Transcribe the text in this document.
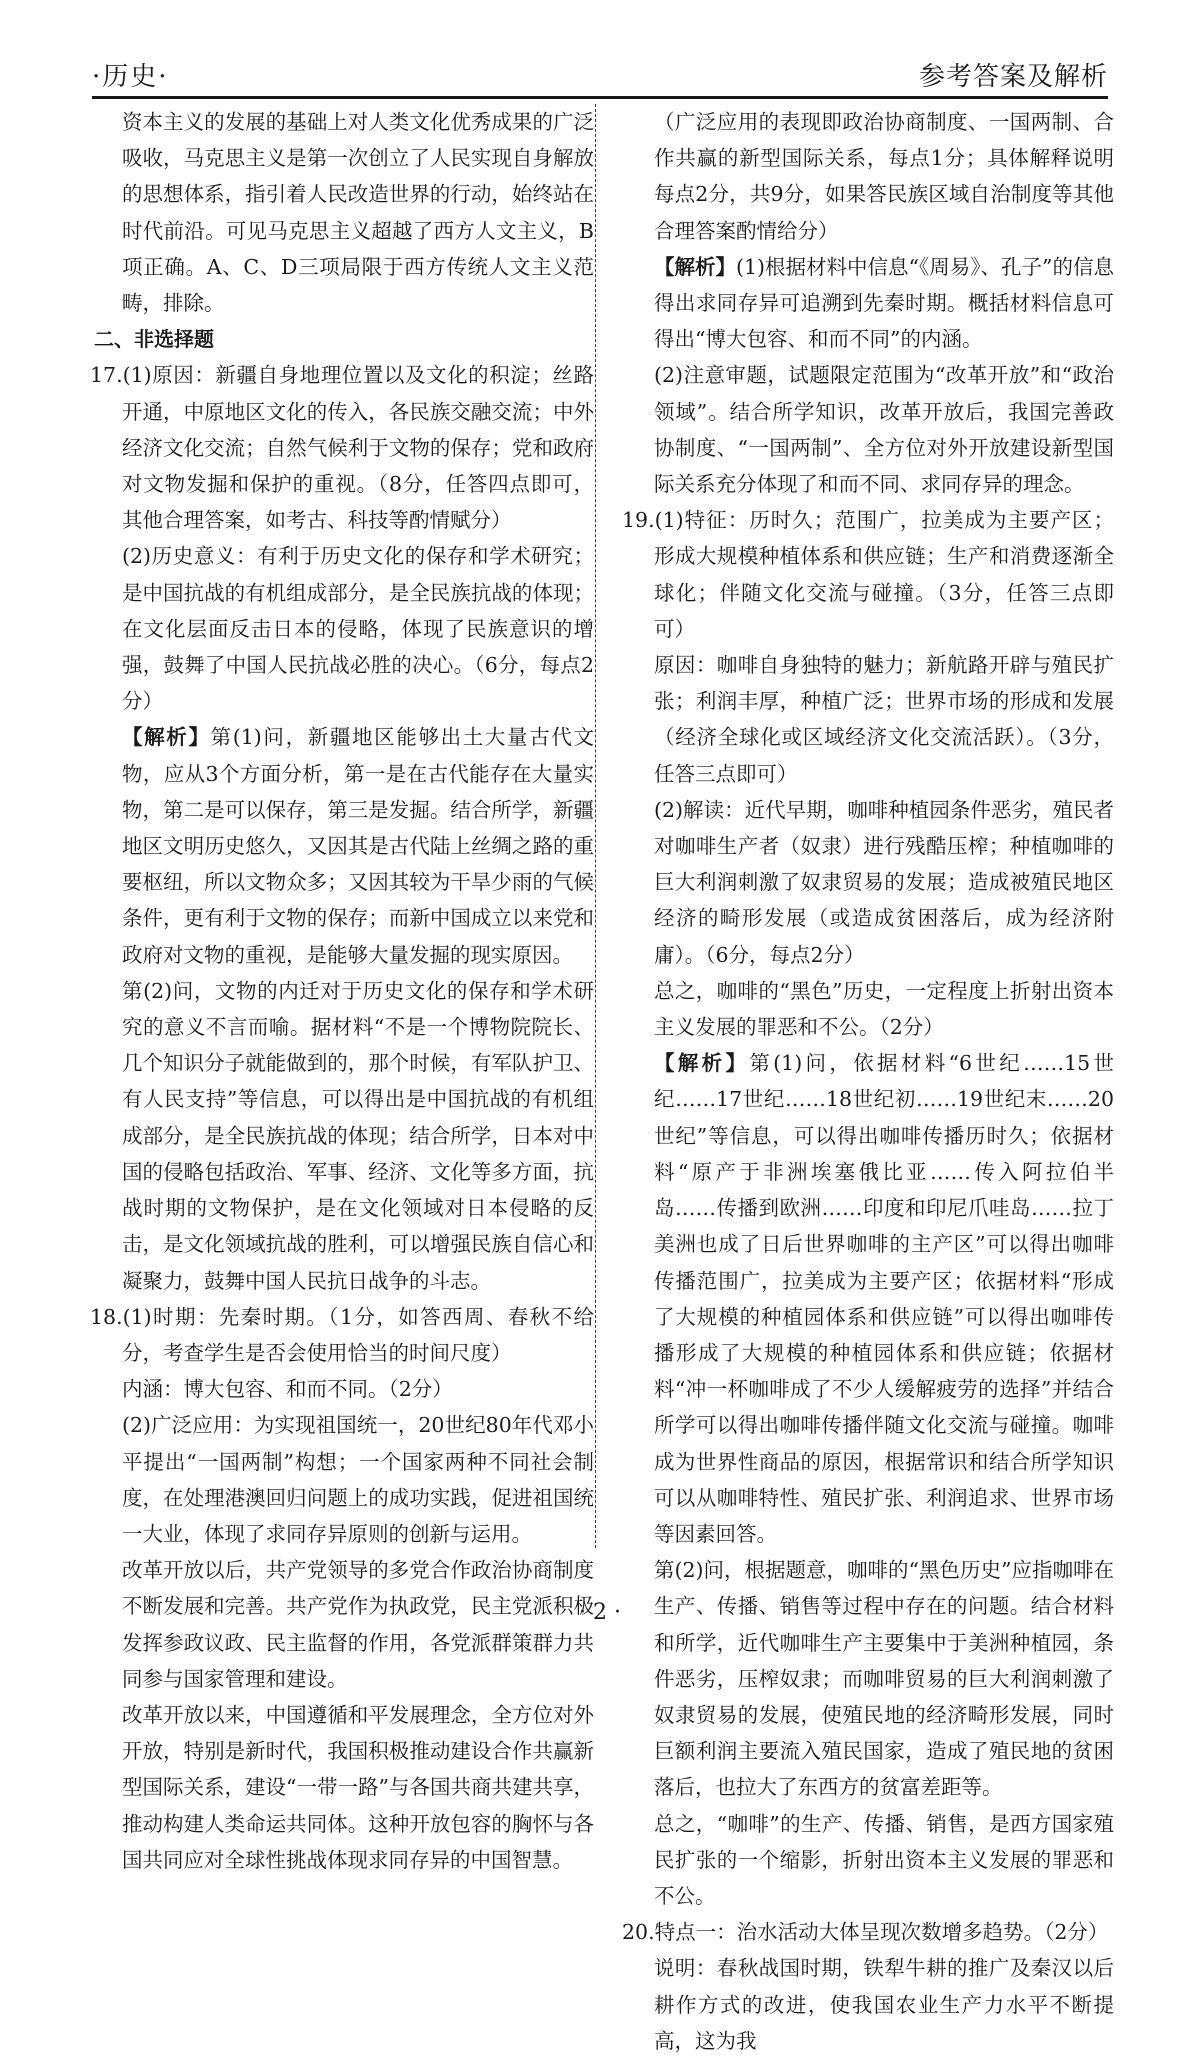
·历史·	参考答案及解析

资本主义的发展的基础上对人类文化优秀成果的广泛吸收，马克思主义是第一次创立了人民实现自身解放的思想体系，指引着人民改造世界的行动，始终站在时代前沿。可见马克思主义超越了西方人文主义，B项正确。A、C、D三项局限于西方传统人文主义范畴，排除。

二、非选择题

17.(1)原因：新疆自身地理位置以及文化的积淀；丝路开通，中原地区文化的传入，各民族交融交流；中外经济文化交流；自然气候利于文物的保存；党和政府对文物发掘和保护的重视。（8分，任答四点即可，其他合理答案，如考古、科技等酌情赋分）

(2)历史意义：有利于历史文化的保存和学术研究；是中国抗战的有机组成部分，是全民族抗战的体现；在文化层面反击日本的侵略，体现了民族意识的增强，鼓舞了中国人民抗战必胜的决心。（6分，每点2分）

【解析】第(1)问，新疆地区能够出土大量古代文物，应从3个方面分析，第一是在古代能存在大量实物，第二是可以保存，第三是发掘。结合所学，新疆地区文明历史悠久，又因其是古代陆上丝绸之路的重要枢纽，所以文物众多；又因其较为干旱少雨的气候条件，更有利于文物的保存；而新中国成立以来党和政府对文物的重视，是能够大量发掘的现实原因。

第(2)问，文物的内迁对于历史文化的保存和学术研究的意义不言而喻。据材料“不是一个博物院院长、几个知识分子就能做到的，那个时候，有军队护卫、有人民支持”等信息，可以得出是中国抗战的有机组成部分，是全民族抗战的体现；结合所学，日本对中国的侵略包括政治、军事、经济、文化等多方面，抗战时期的文物保护，是在文化领域对日本侵略的反击，是文化领域抗战的胜利，可以增强民族自信心和凝聚力，鼓舞中国人民抗日战争的斗志。

18.(1)时期：先秦时期。（1分，如答西周、春秋不给分，考查学生是否会使用恰当的时间尺度）

内涵：博大包容、和而不同。（2分）

(2)广泛应用：为实现祖国统一，20世纪80年代邓小平提出“一国两制”构想；一个国家两种不同社会制度，在处理港澳回归问题上的成功实践，促进祖国统一大业，体现了求同存异原则的创新与运用。

改革开放以后，共产党领导的多党合作政治协商制度不断发展和完善。共产党作为执政党，民主党派积极发挥参政议政、民主监督的作用，各党派群策群力共同参与国家管理和建设。

改革开放以来，中国遵循和平发展理念，全方位对外开放，特别是新时代，我国积极推动建设合作共赢新型国际关系，建设“一带一路”与各国共商共建共享，推动构建人类命运共同体。这种开放包容的胸怀与各国共同应对全球性挑战体现求同存异的中国智慧。

（广泛应用的表现即政治协商制度、一国两制、合作共赢的新型国际关系，每点1分；具体解释说明每点2分，共9分，如果答民族区域自治制度等其他合理答案酌情给分）

【解析】(1)根据材料中信息“《周易》、孔子”的信息得出求同存异可追溯到先秦时期。概括材料信息可得出“博大包容、和而不同”的内涵。

(2)注意审题，试题限定范围为“改革开放”和“政治领域”。结合所学知识，改革开放后，我国完善政协制度、“一国两制”、全方位对外开放建设新型国际关系充分体现了和而不同、求同存异的理念。

19.(1)特征：历时久；范围广，拉美成为主要产区；形成大规模种植体系和供应链；生产和消费逐渐全球化；伴随文化交流与碰撞。（3分，任答三点即可）

原因：咖啡自身独特的魅力；新航路开辟与殖民扩张；利润丰厚，种植广泛；世界市场的形成和发展（经济全球化或区域经济文化交流活跃）。（3分，任答三点即可）

(2)解读：近代早期，咖啡种植园条件恶劣，殖民者对咖啡生产者（奴隶）进行残酷压榨；种植咖啡的巨大利润刺激了奴隶贸易的发展；造成被殖民地区经济的畸形发展（或造成贫困落后，成为经济附庸）。（6分，每点2分）

总之，咖啡的“黑色”历史，一定程度上折射出资本主义发展的罪恶和不公。（2分）

【解析】第(1)问，依据材料“6世纪……15世纪……17世纪……18世纪初……19世纪末……20世纪”等信息，可以得出咖啡传播历时久；依据材料“原产于非洲埃塞俄比亚……传入阿拉伯半岛……传播到欧洲……印度和印尼爪哇岛……拉丁美洲也成了日后世界咖啡的主产区”可以得出咖啡传播范围广，拉美成为主要产区；依据材料“形成了大规模的种植园体系和供应链”可以得出咖啡传播形成了大规模的种植园体系和供应链；依据材料“冲一杯咖啡成了不少人缓解疲劳的选择”并结合所学可以得出咖啡传播伴随文化交流与碰撞。咖啡成为世界性商品的原因，根据常识和结合所学知识可以从咖啡特性、殖民扩张、利润追求、世界市场等因素回答。

第(2)问，根据题意，咖啡的“黑色历史”应指咖啡在生产、传播、销售等过程中存在的问题。结合材料和所学，近代咖啡生产主要集中于美洲种植园，条件恶劣，压榨奴隶；而咖啡贸易的巨大利润刺激了奴隶贸易的发展，使殖民地的经济畸形发展，同时巨额利润主要流入殖民国家，造成了殖民地的贫困落后，也拉大了东西方的贫富差距等。

总之，“咖啡”的生产、传播、销售，是西方国家殖民扩张的一个缩影，折射出资本主义发展的罪恶和不公。

20.特点一：治水活动大体呈现次数增多趋势。（2分）

说明：春秋战国时期，铁犁牛耕的推广及秦汉以后耕作方式的改进，使我国农业生产力水平不断提高，这为我

· 2 ·
